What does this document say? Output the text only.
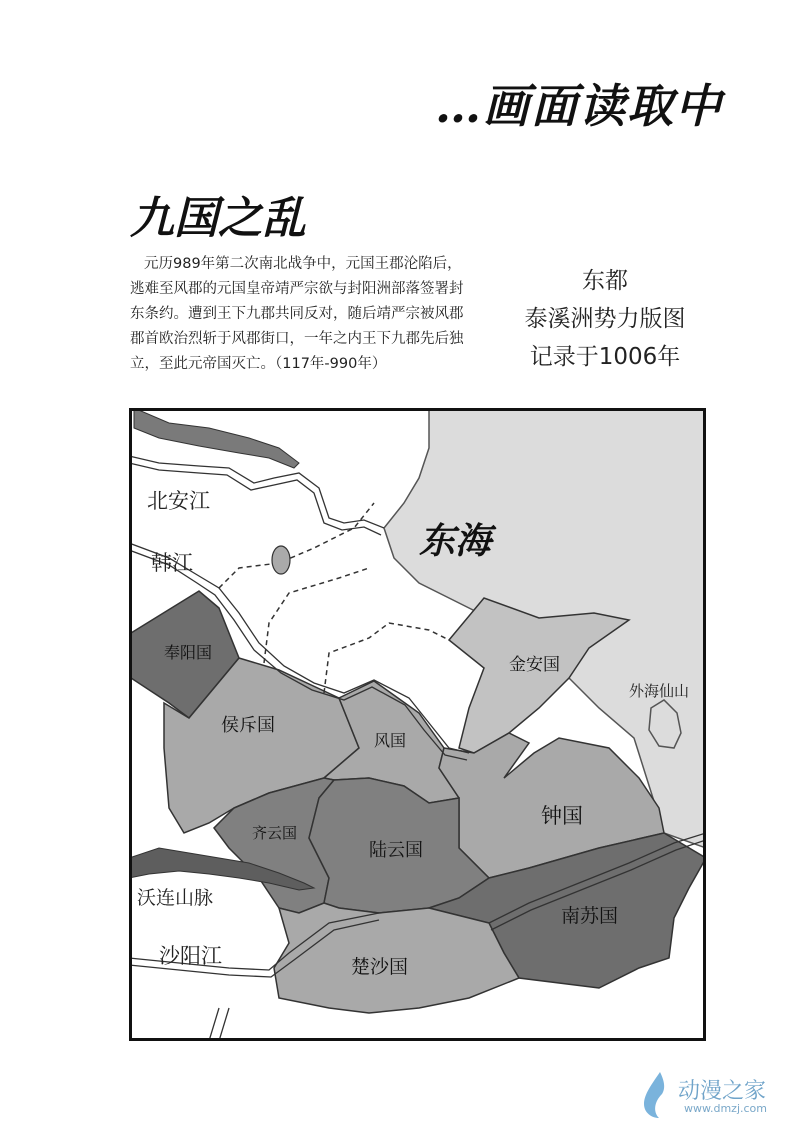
…画面读取中
九国之乱

元历989年第二次南北战争中，元国王郡沦陷后，
逃难至风郡的元国皇帝靖严宗欲与封阳洲部落签署封
东条约。遭到王下九郡共同反对，随后靖严宗被风郡
郡首欧治烈斩于风郡街口，一年之内王下九郡先后独
立，至此元帝国灭亡。（117年-990年）

东都
泰溪洲势力版图
记录于1006年
东海
北安江
韩江
沙阳江
沃连山脉
外海仙山
奉阳国
侯斥国
风国
金安国
钟国
齐云国
陆云国
南苏国
楚沙国
动漫之家
www.dmzj.com
